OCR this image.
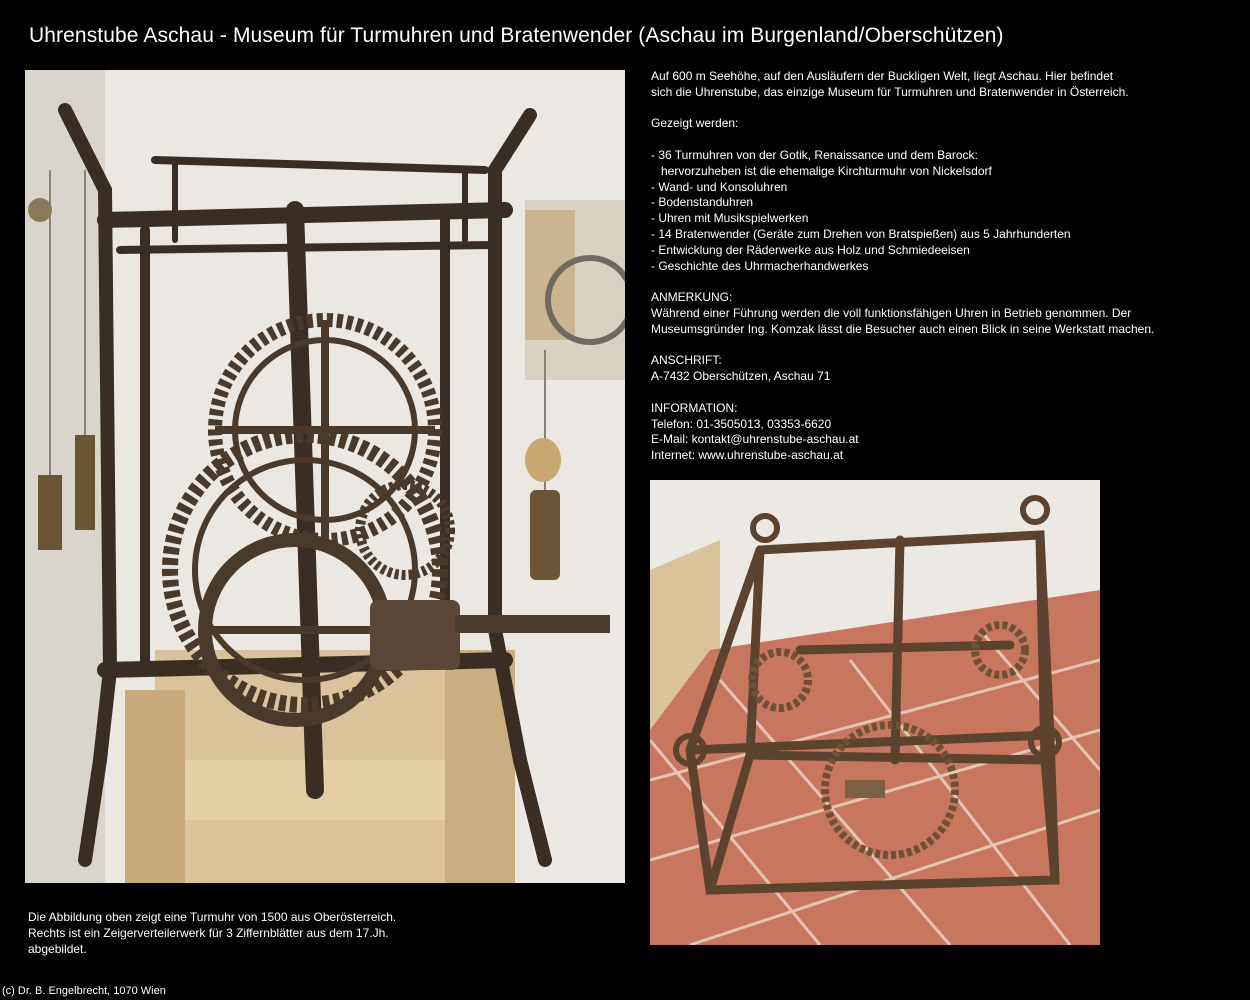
Uhrenstube Aschau - Museum für Turmuhren und Bratenwender (Aschau im Burgenland/Oberschützen)

Auf 600 m Seehöhe, auf den Ausläufern der Buckligen Welt, liegt Aschau. Hier befindet

sich die Uhrenstube, das einzige Museum für Turmuhren und Bratenwender in Österreich.

Gezeigt werden:

- 36 Turmuhren von der Gotik, Renaissance und dem Barock:

hervorzuheben ist die ehemalige Kirchturmuhr von Nickelsdorf

- Wand- und Konsoluhren

- Bodenstanduhren

- Uhren mit Musikspielwerken

- 14 Bratenwender (Geräte zum Drehen von Bratspießen) aus 5 Jahrhunderten

- Entwicklung der Räderwerke aus Holz und Schmiedeeisen

- Geschichte des Uhrmacherhandwerkes

ANMERKUNG:

Während einer Führung werden die voll funktionsfähigen Uhren in Betrieb genommen. Der

Museumsgründer Ing. Komzak lässt die Besucher auch einen Blick in seine Werkstatt machen.

ANSCHRIFT:

A-7432 Oberschützen, Aschau 71

INFORMATION:

Telefon: 01-3505013, 03353-6620

E-Mail: kontakt@uhrenstube-aschau.at

Internet: www.uhrenstube-aschau.at

Die Abbildung oben zeigt eine Turmuhr von 1500 aus Oberösterreich.

Rechts ist ein Zeigerverteilerwerk für 3 Ziffernblätter aus dem 17.Jh.

abgebildet.

(c) Dr. B. Engelbrecht, 1070 Wien
